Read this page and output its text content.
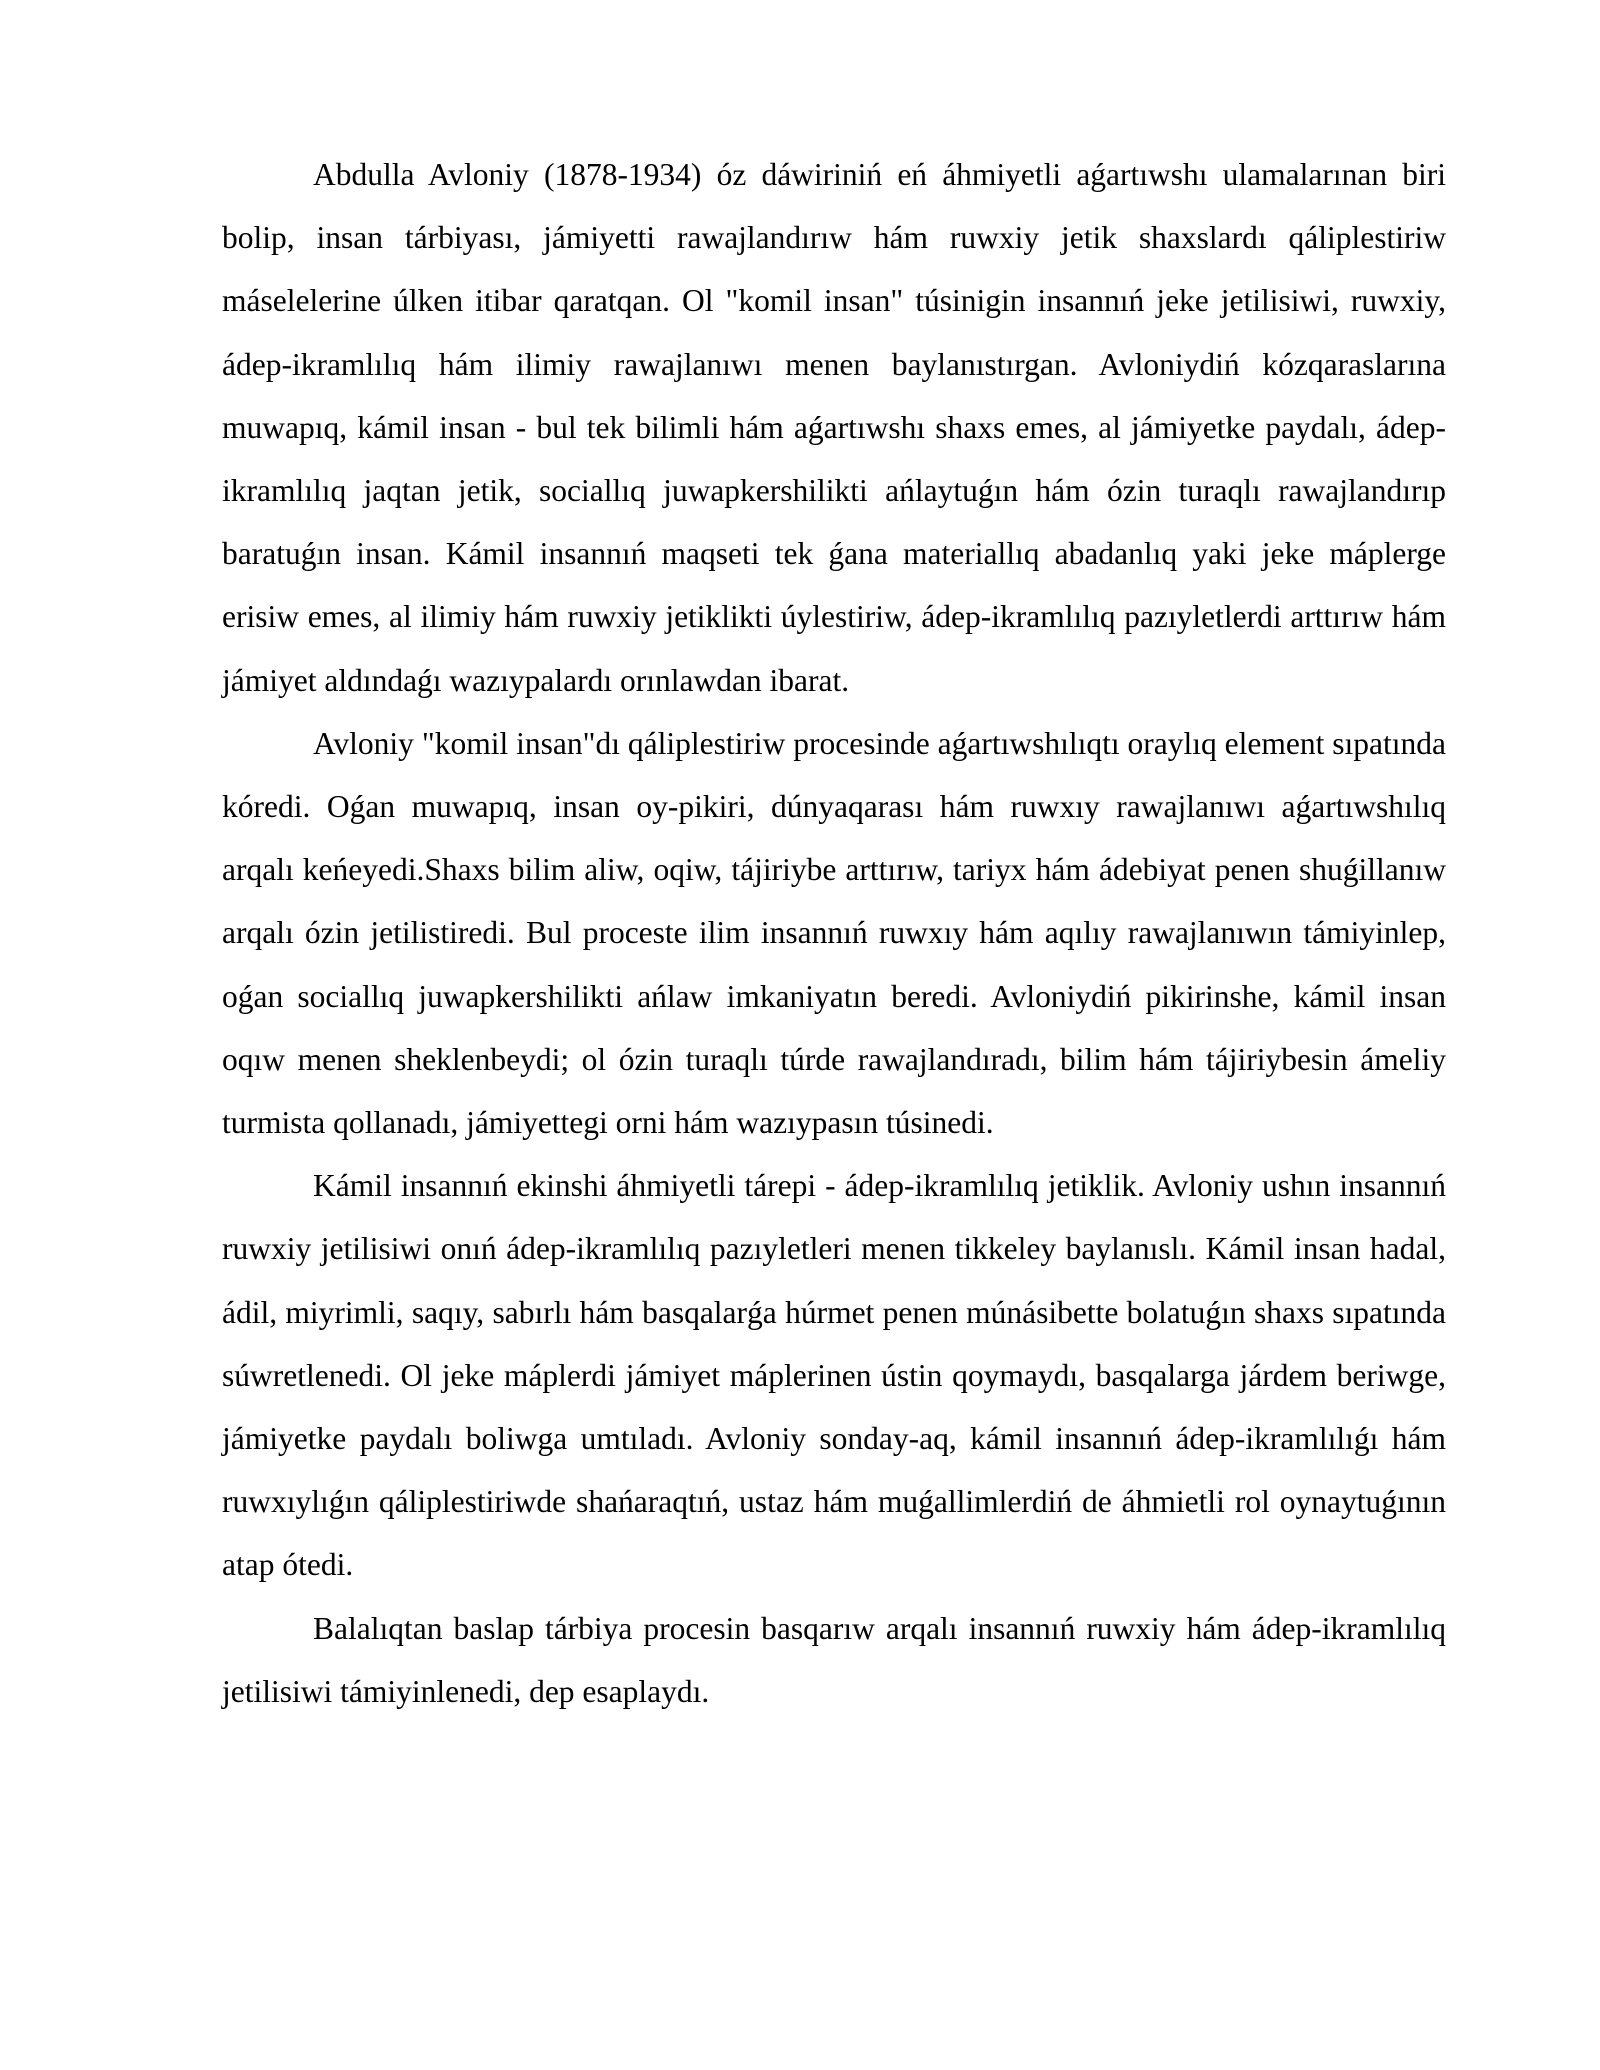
Abdulla Avloniy (1878-1934) óz dáwiriniń eń áhmiyetli aǵartıwshı ulamalarınan biri bolip, insan tárbiyası, jámiyetti rawajlandırıw hám ruwxiy jetik shaxslardı qáliplestiriw máselelerine úlken itibar qaratqan. Ol "komil insan" túsinigin insannıń jeke jetilisiwi, ruwxiy, ádep-ikramlılıq hám ilimiy rawajlanıwı menen baylanıstırgan. Avloniydiń kózqaraslarına muwapıq, kámil insan - bul tek bilimli hám aǵartıwshı shaxs emes, al jámiyetke paydalı, ádep-ikramlılıq jaqtan jetik, sociallıq juwapkershilikti ańlaytuǵın hám ózin turaqlı rawajlandırıp baratuǵın insan. Kámil insannıń maqseti tek ǵana materiallıq abadanlıq yaki jeke máplerge erisiw emes, al ilimiy hám ruwxiy jetiklikti úylestiriw, ádep-ikramlılıq pazıyletlerdi arttırıw hám jámiyet aldındaǵı wazıypalardı orınlawdan ibarat.

Avloniy "komil insan"dı qáliplestiriw procesinde aǵartıwshılıqtı oraylıq element sıpatında kóredi. Oǵan muwapıq, insan oy-pikiri, dúnyaqarası hám ruwxıy rawajlanıwı aǵartıwshılıq arqalı keńeyedi.Shaxs bilim aliw, oqiw, tájiriybe arttırıw, tariyx hám ádebiyat penen shuǵillanıw arqalı ózin jetilistiredi. Bul proceste ilim insannıń ruwxıy hám aqılıy rawajlanıwın támiyinlep, oǵan sociallıq juwapkershilikti ańlaw imkaniyatın beredi. Avloniydiń pikirinshe, kámil insan oqıw menen sheklenbeydi; ol ózin turaqlı túrde rawajlandıradı, bilim hám tájiriybesin ámeliy turmista qollanadı, jámiyettegi orni hám wazıypasın túsinedi.

Kámil insannıń ekinshi áhmiyetli tárepi - ádep-ikramlılıq jetiklik. Avloniy ushın insannıń ruwxiy jetilisiwi onıń ádep-ikramlılıq pazıyletleri menen tikkeley baylanıslı. Kámil insan hadal, ádil, miyrimli, saqıy, sabırlı hám basqalarǵa húrmet penen múnásibette bolatuǵın shaxs sıpatında súwretlenedi. Ol jeke máplerdi jámiyet máplerinen ústin qoymaydı, basqalarga járdem beriwge, jámiyetke paydalı boliwga umtıladı. Avloniy sonday-aq, kámil insannıń ádep-ikramlılıǵı hám ruwxıylıǵın qáliplestiriwde shańaraqtıń, ustaz hám muǵallimlerdiń de áhmietli rol oynaytuǵının atap ótedi.

Balalıqtan baslap tárbiya procesin basqarıw arqalı insannıń ruwxiy hám ádep-ikramlılıq jetilisiwi támiyinlenedi, dep esaplaydı.
